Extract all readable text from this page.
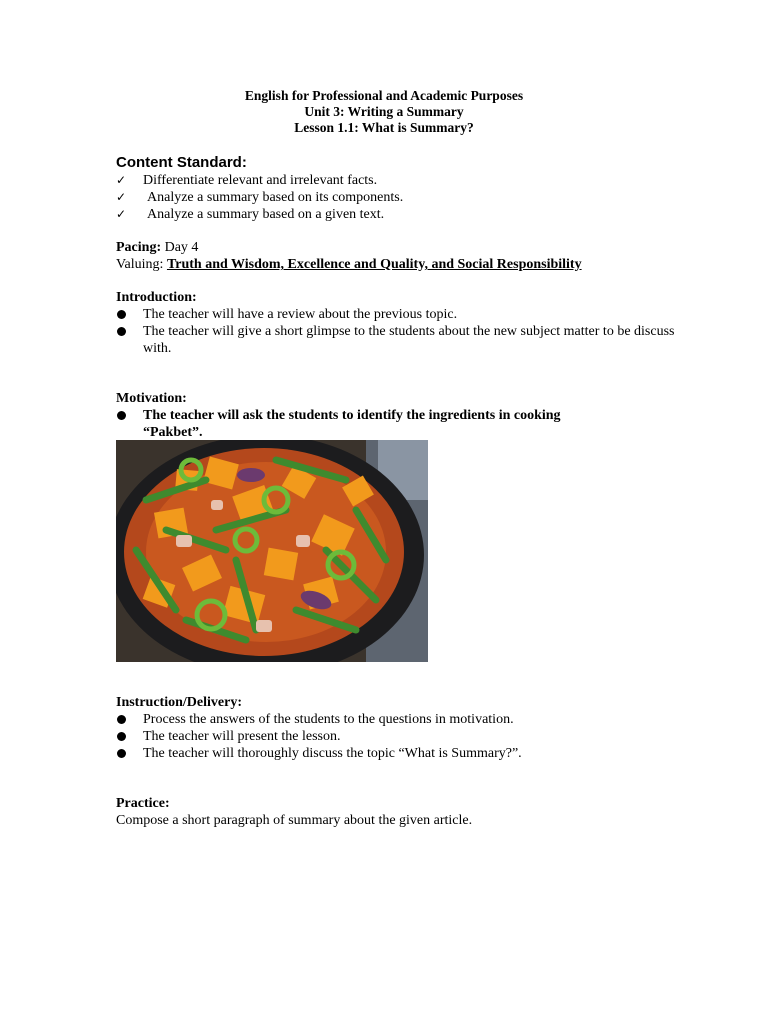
English for Professional and Academic Purposes
Unit 3: Writing a Summary
Lesson 1.1: What is Summary?
Content Standard:
✓	Differentiate relevant and irrelevant facts.
✓	Analyze a summary based on its components.
✓	Analyze a summary based on a given text.
Pacing: Day 4
Valuing: Truth and Wisdom, Excellence and Quality, and Social Responsibility
Introduction:
The teacher will have a review about the previous topic.
The teacher will give a short glimpse to the students about the new subject matter to be discuss with.
Motivation:
The teacher will ask the students to identify the ingredients in cooking “Pakbet”.
Instruction/Delivery:
Process the answers of the students to the questions in motivation.
The teacher will present the lesson.
The teacher will thoroughly discuss the topic “What is Summary?”.
Practice:
Compose a short paragraph of summary about the given article.
